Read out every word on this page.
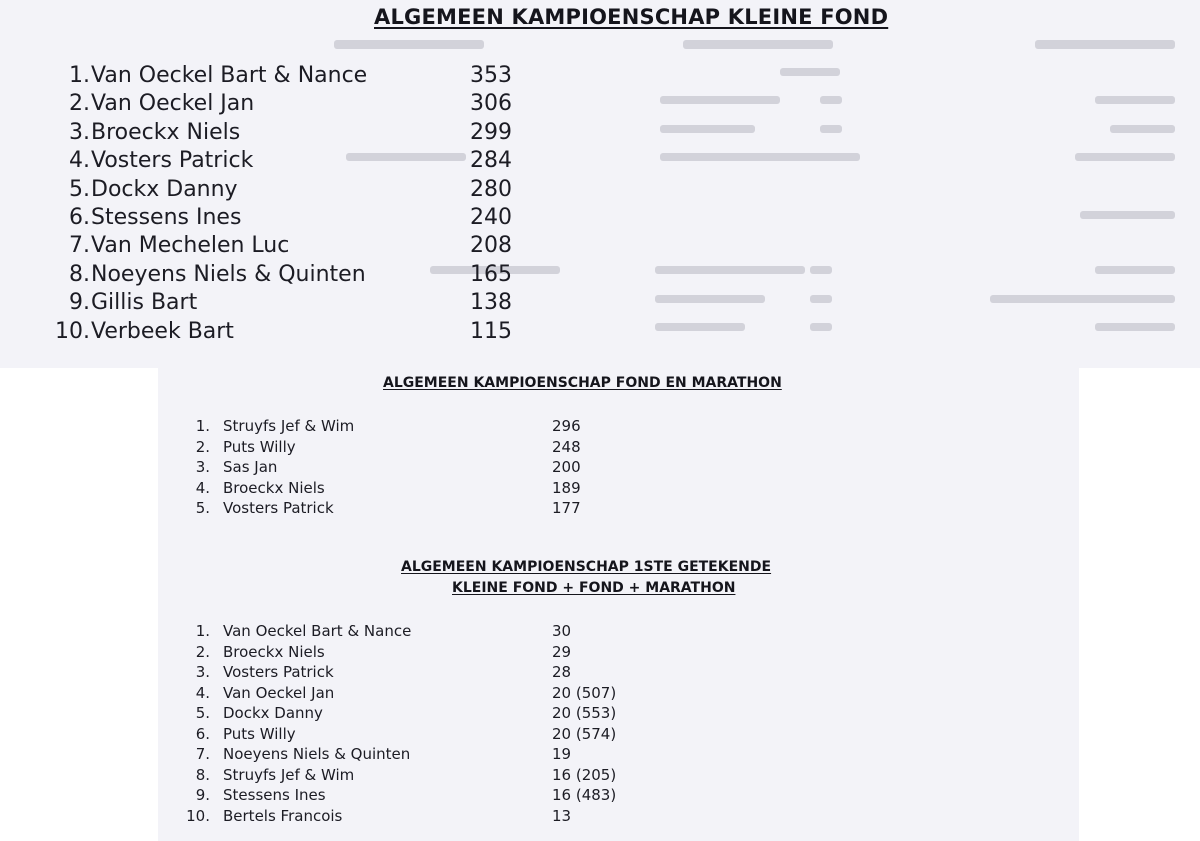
ALGEMEEN KAMPIOENSCHAP KLEINE FOND
1. Van Oeckel Bart & Nance	353
2. Van Oeckel Jan	306
3. Broeckx Niels	299
4. Vosters Patrick	284
5. Dockx Danny	280
6. Stessens Ines	240
7. Van Mechelen Luc	208
8. Noeyens Niels & Quinten	165
9. Gillis Bart	138
10. Verbeek Bart	115
ALGEMEEN KAMPIOENSCHAP FOND EN MARATHON
1. Struyfs Jef & Wim	296
2. Puts Willy	248
3. Sas Jan	200
4. Broeckx Niels	189
5. Vosters Patrick	177
ALGEMEEN KAMPIOENSCHAP 1STE GETEKENDE
KLEINE FOND + FOND + MARATHON
1. Van Oeckel Bart & Nance	30
2. Broeckx Niels	29
3. Vosters Patrick	28
4. Van Oeckel Jan	20 (507)
5. Dockx Danny	20 (553)
6. Puts Willy	20 (574)
7. Noeyens Niels & Quinten	19
8. Struyfs Jef & Wim	16 (205)
9. Stessens Ines	16 (483)
10. Bertels Francois	13
